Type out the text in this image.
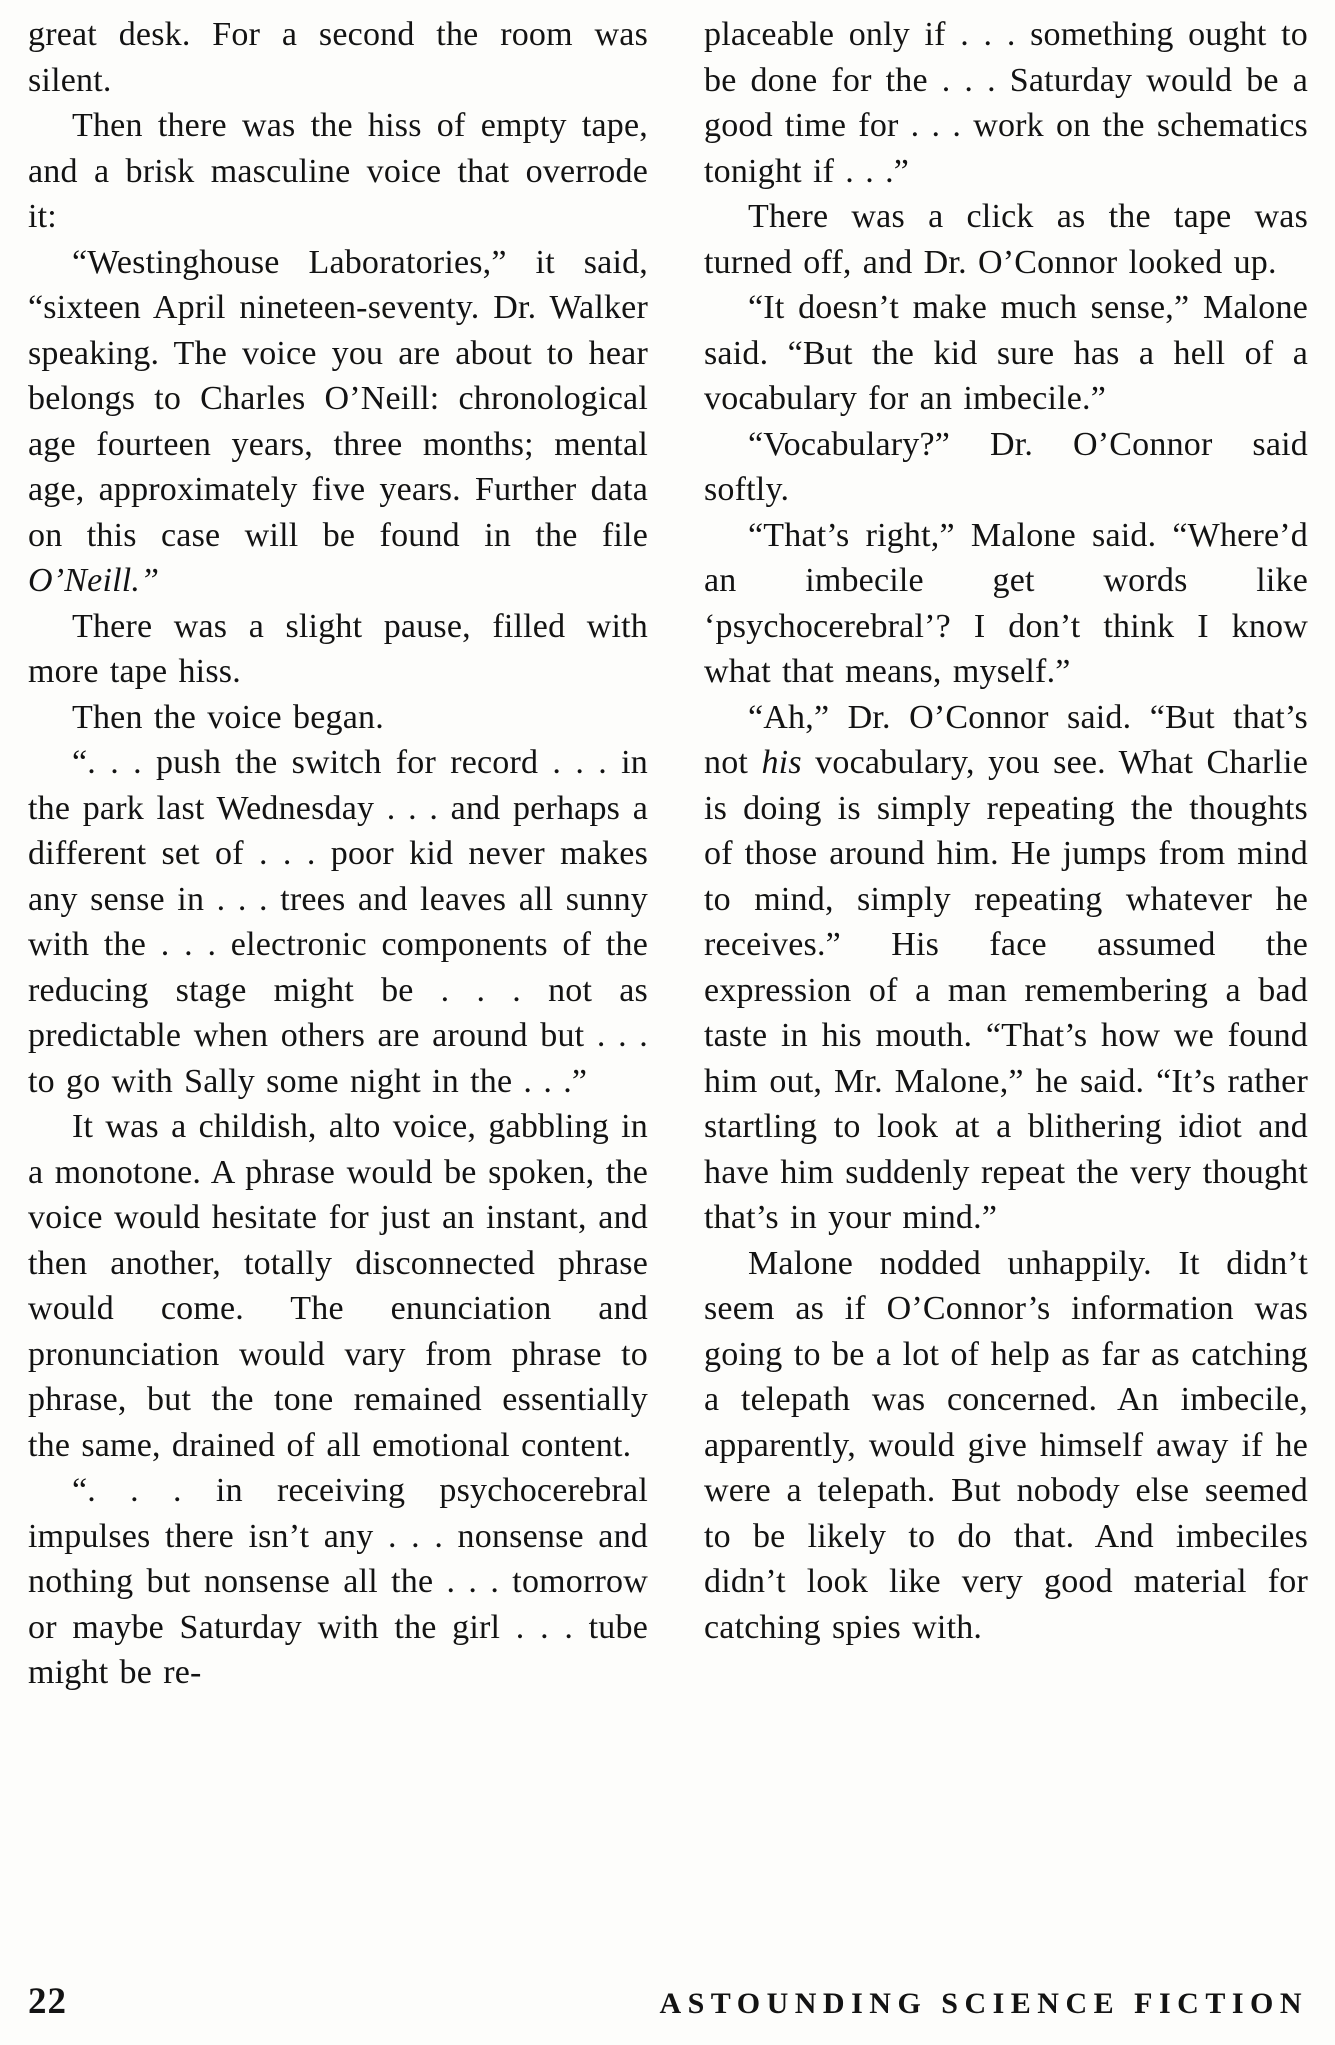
great desk. For a second the room was silent.

Then there was the hiss of empty tape, and a brisk masculine voice that overrode it:

“Westinghouse Laboratories,” it said, “sixteen April nineteen-seventy. Dr. Walker speaking. The voice you are about to hear belongs to Charles O’Neill: chronological age fourteen years, three months; mental age, approximately five years. Further data on this case will be found in the file O’Neill.”

There was a slight pause, filled with more tape hiss.

Then the voice began.

“. . . push the switch for record . . . in the park last Wednesday . . . and perhaps a different set of . . . poor kid never makes any sense in . . . trees and leaves all sunny with the . . . electronic components of the reducing stage might be . . . not as predictable when others are around but . . . to go with Sally some night in the . . .”

It was a childish, alto voice, gabbling in a monotone. A phrase would be spoken, the voice would hesitate for just an instant, and then another, totally disconnected phrase would come. The enunciation and pronunciation would vary from phrase to phrase, but the tone remained essentially the same, drained of all emotional content.

“. . . in receiving psychocerebral impulses there isn’t any . . . nonsense and nothing but nonsense all the . . . tomorrow or maybe Saturday with the girl . . . tube might be re-

placeable only if . . . something ought to be done for the . . . Saturday would be a good time for . . . work on the schematics tonight if . . .”

There was a click as the tape was turned off, and Dr. O’Connor looked up.

“It doesn’t make much sense,” Malone said. “But the kid sure has a hell of a vocabulary for an imbecile.”

“Vocabulary?” Dr. O’Connor said softly.

“That’s right,” Malone said. “Where’d an imbecile get words like ‘psychocerebral’? I don’t think I know what that means, myself.”

“Ah,” Dr. O’Connor said. “But that’s not his vocabulary, you see. What Charlie is doing is simply repeating the thoughts of those around him. He jumps from mind to mind, simply repeating whatever he receives.” His face assumed the expression of a man remembering a bad taste in his mouth. “That’s how we found him out, Mr. Malone,” he said. “It’s rather startling to look at a blithering idiot and have him suddenly repeat the very thought that’s in your mind.”

Malone nodded unhappily. It didn’t seem as if O’Connor’s information was going to be a lot of help as far as catching a telepath was concerned. An imbecile, apparently, would give himself away if he were a telepath. But nobody else seemed to be likely to do that. And imbeciles didn’t look like very good material for catching spies with.

22	ASTOUNDING SCIENCE FICTION
